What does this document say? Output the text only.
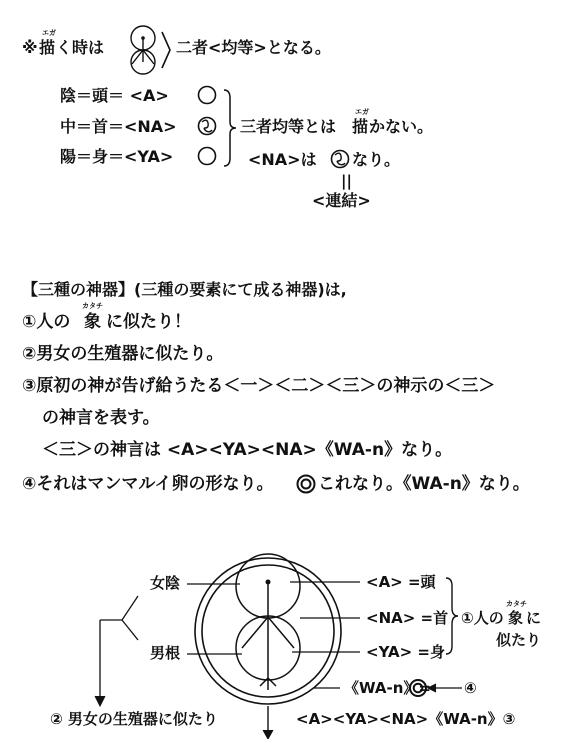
※ 描
エガ
く時は	二者<均等>となる。
陰＝頭＝ <A>
中＝首＝<NA>
陽＝身＝<YA>
三者均等とは 描
エガ
かない。
<NA>は なり。
||
<連結>
【三種の神器】(三種の要素にて成る神器)は,
①人の 象
カタチ
に似たり！
②男女の生殖器に似たり。
③原初の神が告げ給うたる＜一＞＜二＞＜三＞の神示の＜三＞
の神言を表す。
＜三＞の神言は <A><YA><NA>《WA-n》なり。
④それはマンマルイ卵の形なり。	これなり。《WA-n》なり。
女陰
男根
<A> =頭
<NA> =首
<YA> =身
①人の 象
カタチ
に
似たり
《WA-n》= ④
② 男女の生殖器に似たり	<A><YA><NA>《WA-n》③
